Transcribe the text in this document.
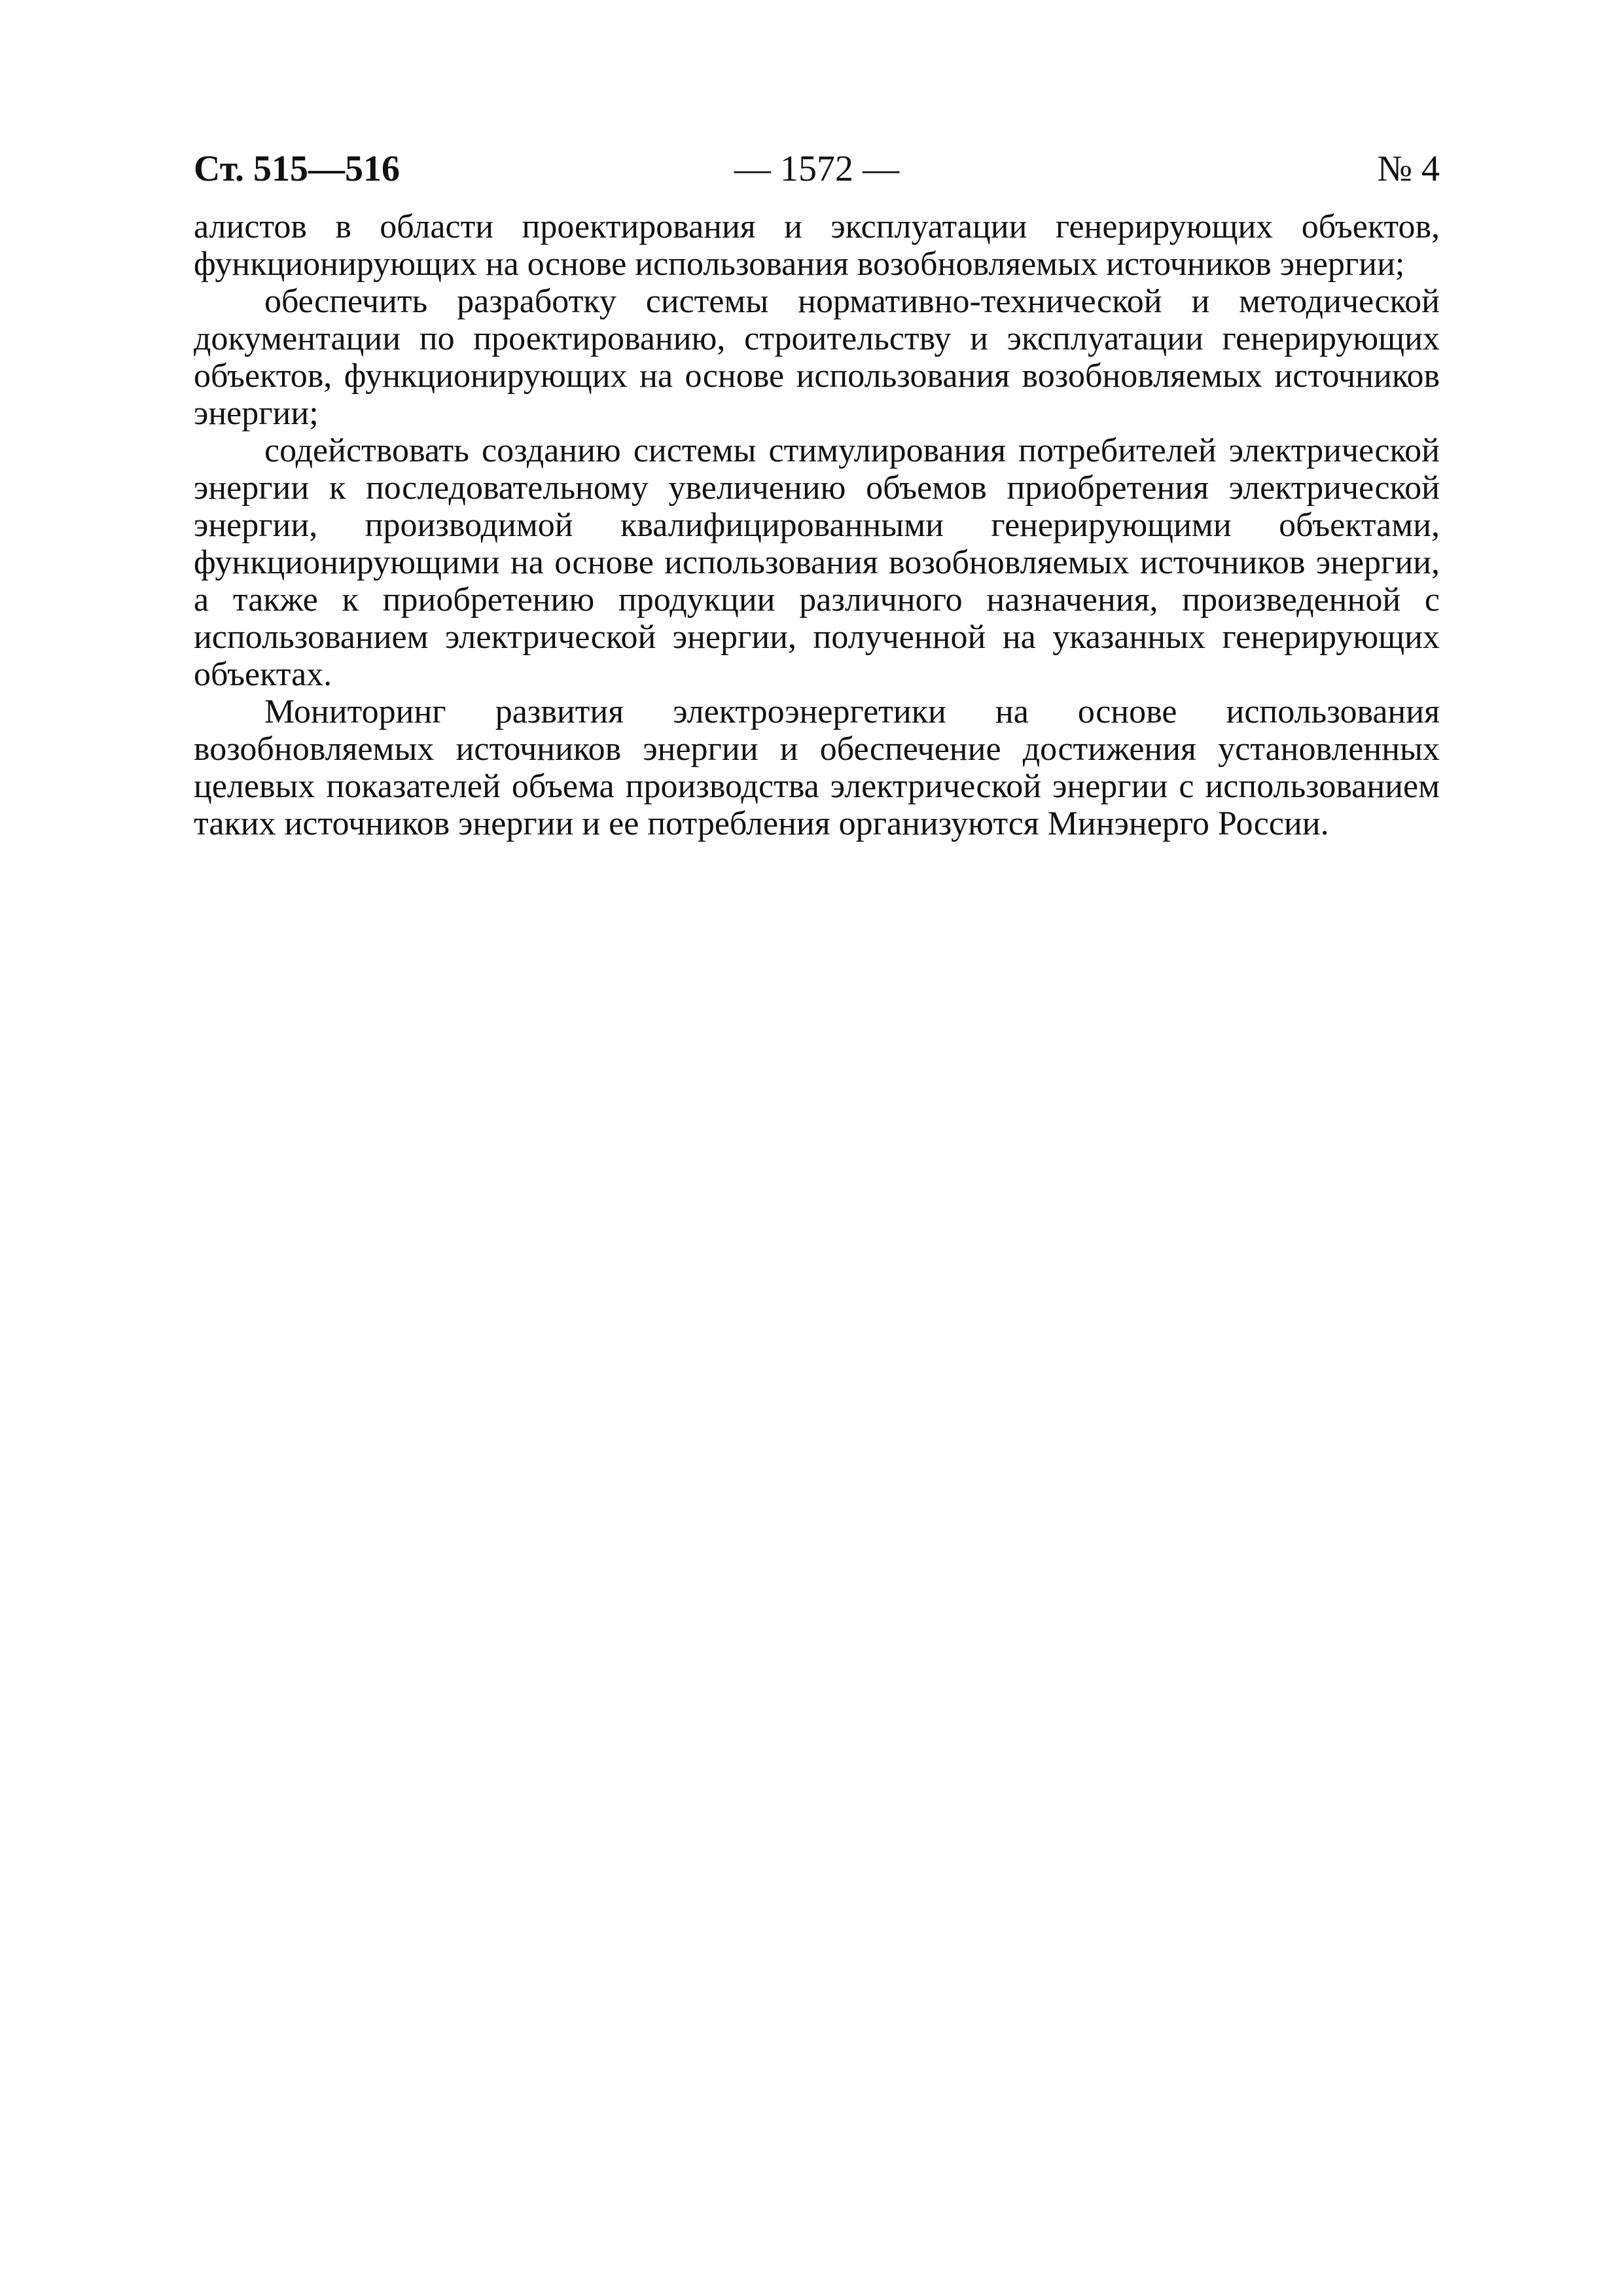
Ст. 515—516	— 1572 —	№ 4

алистов в области проектирования и эксплуатации генерирующих объектов, функционирующих на основе использования возобновляемых источников энергии;

обеспечить разработку системы нормативно-технической и методической документации по проектированию, строительству и эксплуатации генерирующих объектов, функционирующих на основе использования возобновляемых источников энергии;

содействовать созданию системы стимулирования потребителей электрической энергии к последовательному увеличению объемов приобретения электрической энергии, производимой квалифицированными генерирующими объектами, функционирующими на основе использования возобновляемых источников энергии, а также к приобретению продукции различного назначения, произведенной с использованием электрической энергии, полученной на указанных генерирующих объектах.

Мониторинг развития электроэнергетики на основе использования возобновляемых источников энергии и обеспечение достижения установленных целевых показателей объема производства электрической энергии с использованием таких источников энергии и ее потребления организуются Минэнерго России.
